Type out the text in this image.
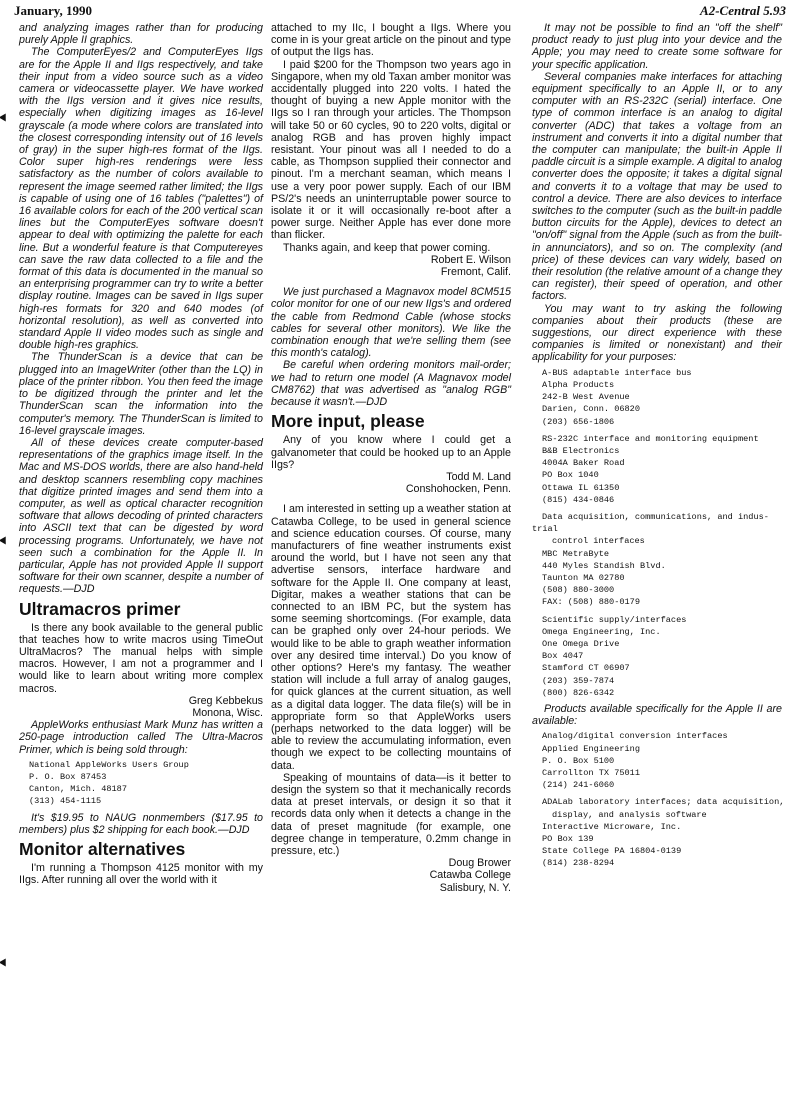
January, 1990	A2-Central 5.93

and analyzing images rather than for producing purely Apple II graphics.

The ComputerEyes/2 and ComputerEyes IIgs are for the Apple II and IIgs respectively, and take their input from a video source such as a video camera or videocassette player. We have worked with the IIgs version and it gives nice results, especially when digitizing images as 16-level grayscale (a mode where colors are translated into the closest corresponding intensity out of 16 levels of gray) in the super high-res format of the IIgs. Color super high-res renderings were less satisfactory as the number of colors available to represent the image seemed rather limited; the IIgs is capable of using one of 16 tables ("palettes") of 16 available colors for each of the 200 vertical scan lines but the ComputerEyes software doesn't appear to deal with optimizing the palette for each line. But a wonderful feature is that Computereyes can save the raw data collected to a file and the format of this data is documented in the manual so an enterprising programmer can try to write a better display routine. Images can be saved in IIgs super high-res formats for 320 and 640 modes (of horizontal resolution), as well as converted into standard Apple II video modes such as single and double high-res graphics.

The ThunderScan is a device that can be plugged into an ImageWriter (other than the LQ) in place of the printer ribbon. You then feed the image to be digitized through the printer and let the ThunderScan scan the information into the computer's memory. The ThunderScan is limited to 16-level grayscale images.

All of these devices create computer-based representations of the graphics image itself. In the Mac and MS-DOS worlds, there are also hand-held and desktop scanners resembling copy machines that digitize printed images and send them into a computer, as well as optical character recognition software that allows decoding of printed characters into ASCII text that can be digested by word processing programs. Unfortunately, we have not seen such a combination for the Apple II. In particular, Apple has not provided Apple II support software for their own scanner, despite a number of requests.—DJD

Ultramacros primer

Is there any book available to the general public that teaches how to write macros using TimeOut UltraMacros? The manual helps with simple macros. However, I am not a programmer and I would like to learn about writing more complex macros.

Greg Kebbekus

Monona, Wisc.

AppleWorks enthusiast Mark Munz has written a 250-page introduction called The Ultra-Macros Primer, which is being sold through:

National AppleWorks Users Group
P. O. Box 87453
Canton, Mich. 48187
(313) 454-1115

It's $19.95 to NAUG nonmembers ($17.95 to members) plus $2 shipping for each book.—DJD

Monitor alternatives

I'm running a Thompson 4125 monitor with my IIgs. After running all over the world with it

attached to my IIc, I bought a IIgs. Where you come in is your great article on the pinout and type of output the IIgs has.

I paid $200 for the Thompson two years ago in Singapore, when my old Taxan amber monitor was accidentally plugged into 220 volts. I hated the thought of buying a new Apple monitor with the IIgs so I ran through your articles. The Thompson will take 50 or 60 cycles, 90 to 220 volts, digital or analog RGB and has proven highly impact resistant. Your pinout was all I needed to do a cable, as Thompson supplied their connector and pinout. I'm a merchant seaman, which means I use a very poor power supply. Each of our IBM PS/2's needs an uninterruptable power source to isolate it or it will occasionally re-boot after a power surge. Neither Apple has ever done more than flicker.

Thanks again, and keep that power coming.

Robert E. Wilson

Fremont, Calif.

We just purchased a Magnavox model 8CM515 color monitor for one of our new IIgs's and ordered the cable from Redmond Cable (whose stocks cables for several other monitors). We like the combination enough that we're selling them (see this month's catalog).

Be careful when ordering monitors mail-order; we had to return one model (A Magnavox model CM8762) that was advertised as "analog RGB" because it wasn't.—DJD

More input, please

Any of you know where I could get a galvanometer that could be hooked up to an Apple IIgs?

Todd M. Land

Conshohocken, Penn.

I am interested in setting up a weather station at Catawba College, to be used in general science and science education courses. Of course, many manufacturers of fine weather instruments exist around the world, but I have not seen any that advertise sensors, interface hardware and software for the Apple II. One company at least, Digitar, makes a weather stations that can be connected to an IBM PC, but the system has some seeming shortcomings. (For example, data can be graphed only over 24-hour periods. We would like to be able to graph weather information over any desired time interval.) Do you know of other options? Here's my fantasy. The weather station will include a full array of analog gauges, for quick glances at the current situation, as well as a digital data logger. The data file(s) will be in appropriate form so that AppleWorks users (perhaps networked to the data logger) will be able to review the accumulating information, even though we expect to be collecting mountains of data.

Speaking of mountains of data—is it better to design the system so that it mechanically records data at preset intervals, or design it so that it records data only when it detects a change in the data of preset magnitude (for example, one degree change in temperature, 0.2mm change in pressure, etc.)

Doug Brower

Catawba College

Salisbury, N. Y.

It may not be possible to find an "off the shelf" product ready to just plug into your device and the Apple; you may need to create some software for your specific application.

Several companies make interfaces for attaching equipment specifically to an Apple II, or to any computer with an RS-232C (serial) interface. One type of common interface is an analog to digital converter (ADC) that takes a voltage from an instrument and converts it into a digital number that the computer can manipulate; the built-in Apple II paddle circuit is a simple example. A digital to analog converter does the opposite; it takes a digital signal and converts it to a voltage that may be used to control a device. There are also devices to interface switches to the computer (such as the built-in paddle button circuits for the Apple), devices to detect an "on/off" signal from the Apple (such as from the built-in annunciators), and so on. The complexity (and price) of these devices can vary widely, based on their resolution (the relative amount of a change they can register), their speed of operation, and other factors.

You may want to try asking the following companies about their products (these are suggestions, our direct experience with these companies is limited or nonexistant) and their applicability for your purposes:

A-BUS adaptable interface bus
Alpha Products
242-B West Avenue
Darien, Conn. 06820
(203) 656-1806
RS-232C interface and monitoring equipment
B&B Electronics
4004A Baker Road
PO Box 1040
Ottawa IL 61350
(815) 434-0846
Data acquisition, communications, and indus-
trial
control interfaces
MBC MetraByte
440 Myles Standish Blvd.
Taunton MA 02780
(508) 880-3000
FAX: (508) 880-0179
Scientific supply/interfaces
Omega Engineering, Inc.
One Omega Drive
Box 4047
Stamford CT 06907
(203) 359-7874
(800) 826-6342

Products available specifically for the Apple II are available:

Analog/digital conversion interfaces
Applied Engineering
P. O. Box 5100
Carrollton TX 75011
(214) 241-6060
ADALab laboratory interfaces; data acquisition,
display, and analysis software
Interactive Microware, Inc.
PO Box 139
State College PA 16804-0139
(814) 238-8294
